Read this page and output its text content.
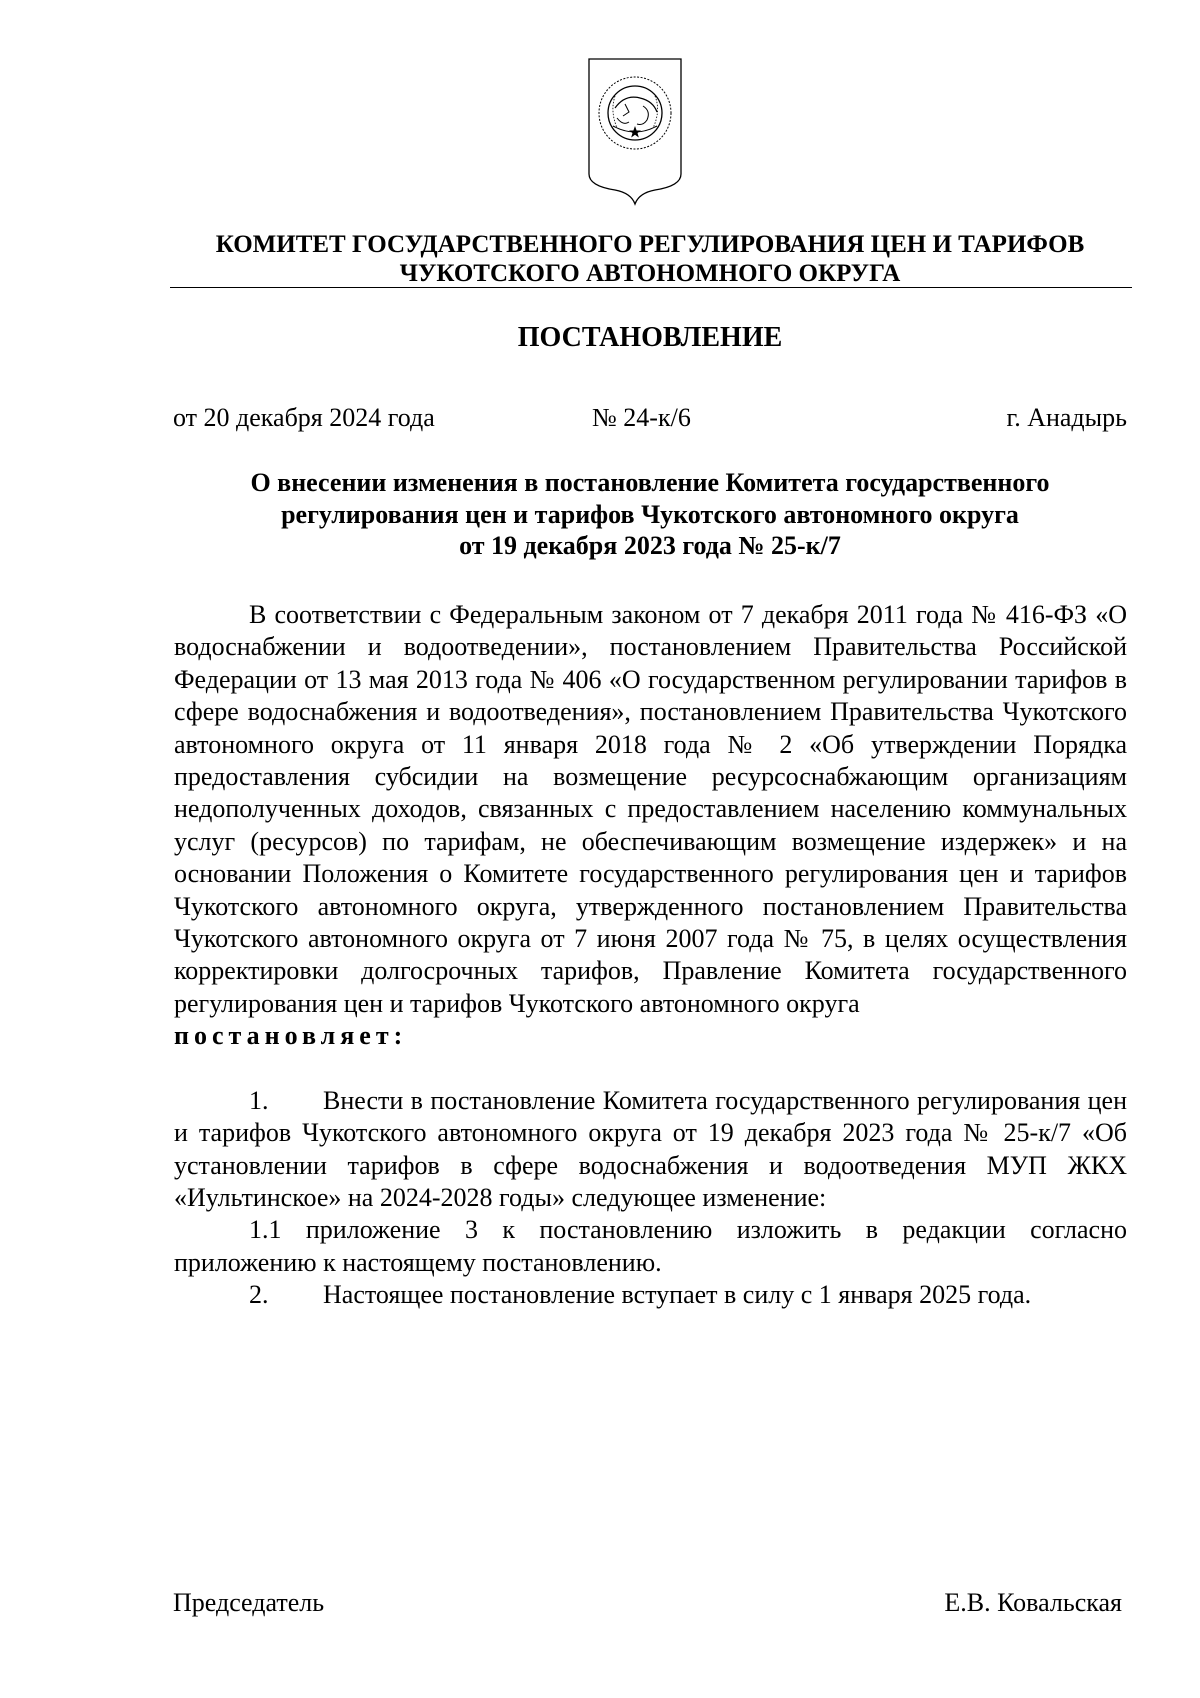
КОМИТЕТ ГОСУДАРСТВЕННОГО РЕГУЛИРОВАНИЯ ЦЕН И ТАРИФОВ
ЧУКОТСКОГО АВТОНОМНОГО ОКРУГА
ПОСТАНОВЛЕНИЕ
от 20 декабря 2024 года	№ 24-к/6	г. Анадырь
О внесении изменения в постановление Комитета государственного
регулирования цен и тарифов Чукотского автономного округа
от 19 декабря 2023 года № 25-к/7

В соответствии с Федеральным законом от 7 декабря 2011 года № 416-ФЗ «О водоснабжении и водоотведении», постановлением Правительства Российской Федерации от 13 мая 2013 года № 406 «О государственном регулировании тарифов в сфере водоснабжения и водоотведения», постановлением Правительства Чукотского автономного округа от 11 января 2018 года № 2 «Об утверждении Порядка предоставления субсидии на возмещение ресурсоснабжающим организациям недополученных доходов, связанных с предоставлением населению коммунальных услуг (ресурсов) по тарифам, не обеспечивающим возмещение издержек» и на основании Положения о Комитете государственного регулирования цен и тарифов Чукотского автономного округа, утвержденного постановлением Правительства Чукотского автономного округа от 7 июня 2007 года № 75, в целях осуществления корректировки долгосрочных тарифов, Правление Комитета государственного регулирования цен и тарифов Чукотского автономного округа

постановляет:

1. Внести в постановление Комитета государственного регулирования цен и тарифов Чукотского автономного округа от 19 декабря 2023 года № 25-к/7 «Об установлении тарифов в сфере водоснабжения и водоотведения МУП ЖКХ «Иультинское» на 2024-2028 годы» следующее изменение:

1.1 приложение 3 к постановлению изложить в редакции согласно приложению к настоящему постановлению.

2. Настоящее постановление вступает в силу с 1 января 2025 года.

Председатель	Е.В. Ковальская
